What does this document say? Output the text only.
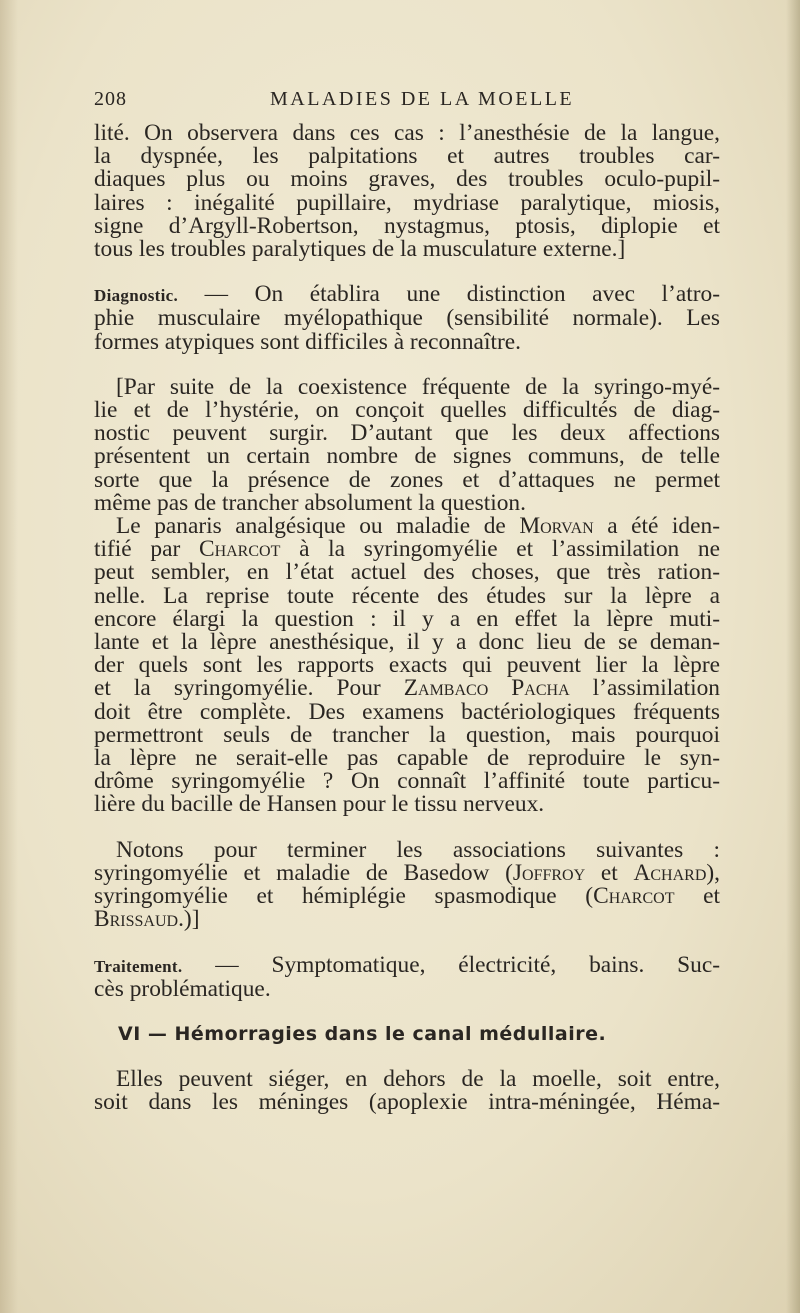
208	MALADIES DE LA MOELLE
lité. On observera dans ces cas : l’anesthésie de la langue,
la dyspnée, les palpitations et autres troubles car-
diaques plus ou moins graves, des troubles oculo-pupil-
laires : inégalité pupillaire, mydriase paralytique, miosis,
signe d’Argyll-Robertson, nystagmus, ptosis, diplopie et
tous les troubles paralytiques de la musculature externe.]
Diagnostic. — On établira une distinction avec l’atro-
phie musculaire myélopathique (sensibilité normale). Les
formes atypiques sont difficiles à reconnaître.
[Par suite de la coexistence fréquente de la syringo-myé-
lie et de l’hystérie, on conçoit quelles difficultés de diag-
nostic peuvent surgir. D’autant que les deux affections
présentent un certain nombre de signes communs, de telle
sorte que la présence de zones et d’attaques ne permet
même pas de trancher absolument la question.
Le panaris analgésique ou maladie de Morvan a été iden-
tifié par Charcot à la syringomyélie et l’assimilation ne
peut sembler, en l’état actuel des choses, que très ration-
nelle. La reprise toute récente des études sur la lèpre a
encore élargi la question : il y a en effet la lèpre muti-
lante et la lèpre anesthésique, il y a donc lieu de se deman-
der quels sont les rapports exacts qui peuvent lier la lèpre
et la syringomyélie. Pour Zambaco Pacha l’assimilation
doit être complète. Des examens bactériologiques fréquents
permettront seuls de trancher la question, mais pourquoi
la lèpre ne serait-elle pas capable de reproduire le syn-
drôme syringomyélie ? On connaît l’affinité toute particu-
lière du bacille de Hansen pour le tissu nerveux.
Notons pour terminer les associations suivantes :
syringomyélie et maladie de Basedow (Joffroy et Achard),
syringomyélie et hémiplégie spasmodique (Charcot et
Brissaud.)]
Traitement. — Symptomatique, électricité, bains. Suc-
cès problématique.
VI — Hémorragies dans le canal médullaire.
Elles peuvent siéger, en dehors de la moelle, soit entre,
soit dans les méninges (apoplexie intra-méningée, Héma-
